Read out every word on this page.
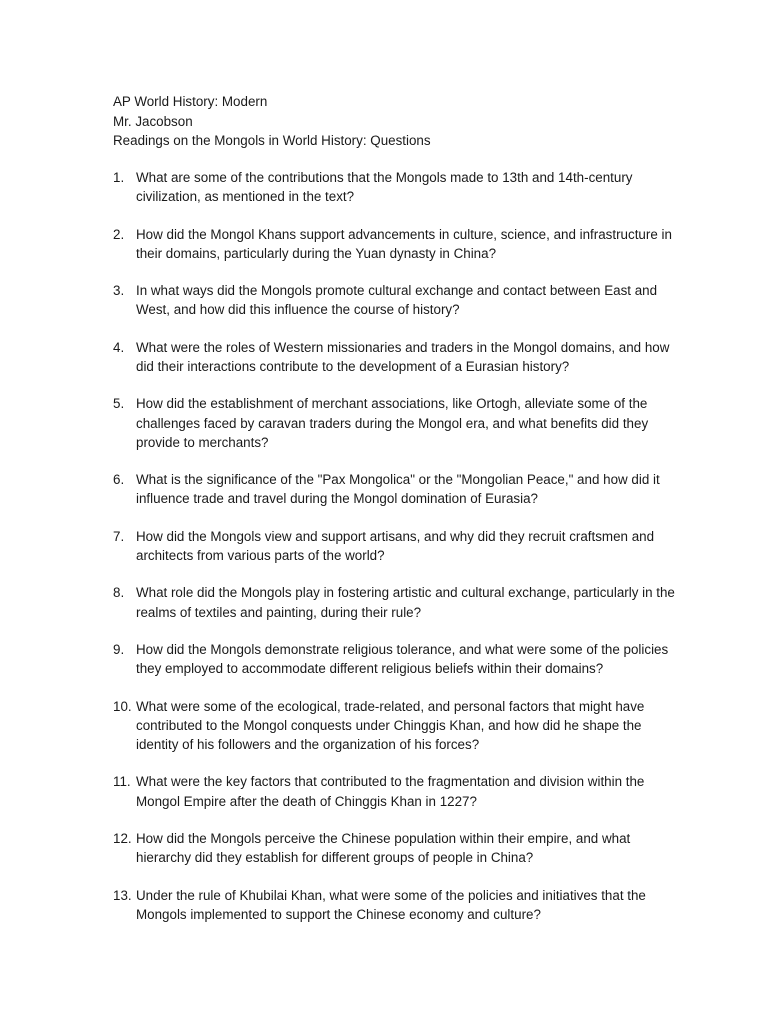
AP World History: Modern
Mr. Jacobson
Readings on the Mongols in World History: Questions
1. What are some of the contributions that the Mongols made to 13th and 14th-century civilization, as mentioned in the text?
2. How did the Mongol Khans support advancements in culture, science, and infrastructure in their domains, particularly during the Yuan dynasty in China?
3. In what ways did the Mongols promote cultural exchange and contact between East and West, and how did this influence the course of history?
4. What were the roles of Western missionaries and traders in the Mongol domains, and how did their interactions contribute to the development of a Eurasian history?
5. How did the establishment of merchant associations, like Ortogh, alleviate some of the challenges faced by caravan traders during the Mongol era, and what benefits did they provide to merchants?
6. What is the significance of the "Pax Mongolica" or the "Mongolian Peace," and how did it influence trade and travel during the Mongol domination of Eurasia?
7. How did the Mongols view and support artisans, and why did they recruit craftsmen and architects from various parts of the world?
8. What role did the Mongols play in fostering artistic and cultural exchange, particularly in the realms of textiles and painting, during their rule?
9. How did the Mongols demonstrate religious tolerance, and what were some of the policies they employed to accommodate different religious beliefs within their domains?
10. What were some of the ecological, trade-related, and personal factors that might have contributed to the Mongol conquests under Chinggis Khan, and how did he shape the identity of his followers and the organization of his forces?
11. What were the key factors that contributed to the fragmentation and division within the Mongol Empire after the death of Chinggis Khan in 1227?
12. How did the Mongols perceive the Chinese population within their empire, and what hierarchy did they establish for different groups of people in China?
13. Under the rule of Khubilai Khan, what were some of the policies and initiatives that the Mongols implemented to support the Chinese economy and culture?
